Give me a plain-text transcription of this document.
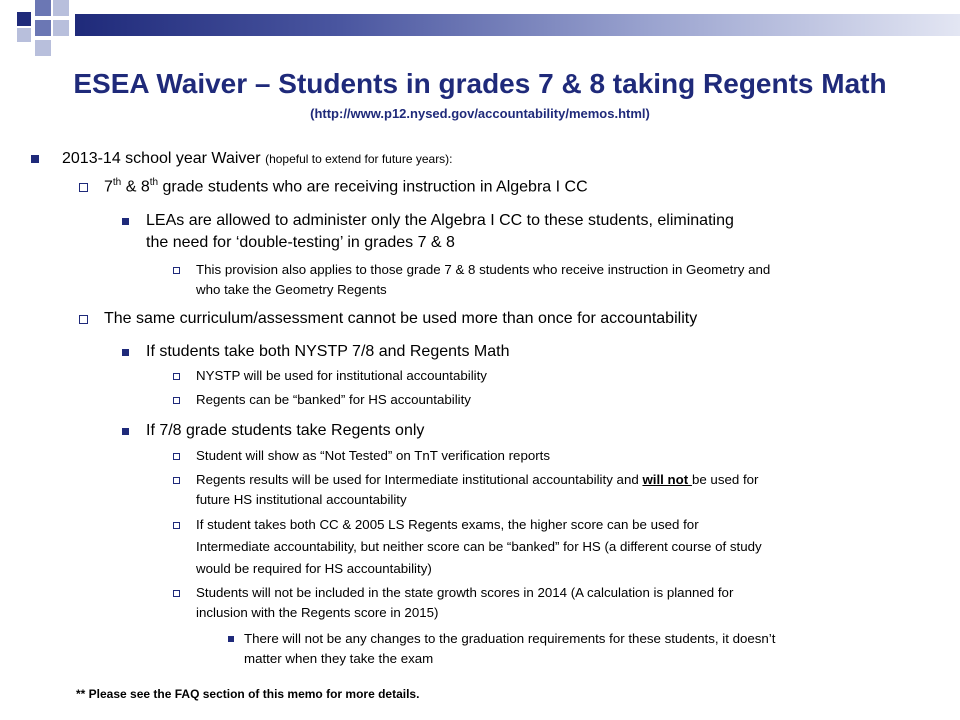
ESEA Waiver – Students in grades 7 & 8 taking Regents Math
(http://www.p12.nysed.gov/accountability/memos.html)
2013-14 school year Waiver (hopeful to extend for future years):
7th & 8th grade students who are receiving instruction in Algebra I CC
LEAs are allowed to administer only the Algebra I CC to these students, eliminating
the need for ‘double-testing’ in grades 7 & 8
This provision also applies to those grade 7 & 8 students who receive instruction in Geometry and
who take the Geometry Regents
The same curriculum/assessment cannot be used more than once for accountability
If students take both NYSTP 7/8 and Regents Math
NYSTP will be used for institutional accountability
Regents can be “banked” for HS accountability
If 7/8 grade students take Regents only
Student will show as “Not Tested” on TnT verification reports
Regents results will be used for Intermediate institutional accountability and will not be used for
future HS institutional accountability
If student takes both CC & 2005 LS Regents exams, the higher score can be used for
Intermediate accountability, but neither score can be “banked” for HS (a different course of study
would be required for HS accountability)
Students will not be included in the state growth scores in 2014 (A calculation is planned for
inclusion with the Regents score in 2015)
There will not be any changes to the graduation requirements for these students, it doesn’t
matter when they take the exam
** Please see the FAQ section of this memo for more details.
